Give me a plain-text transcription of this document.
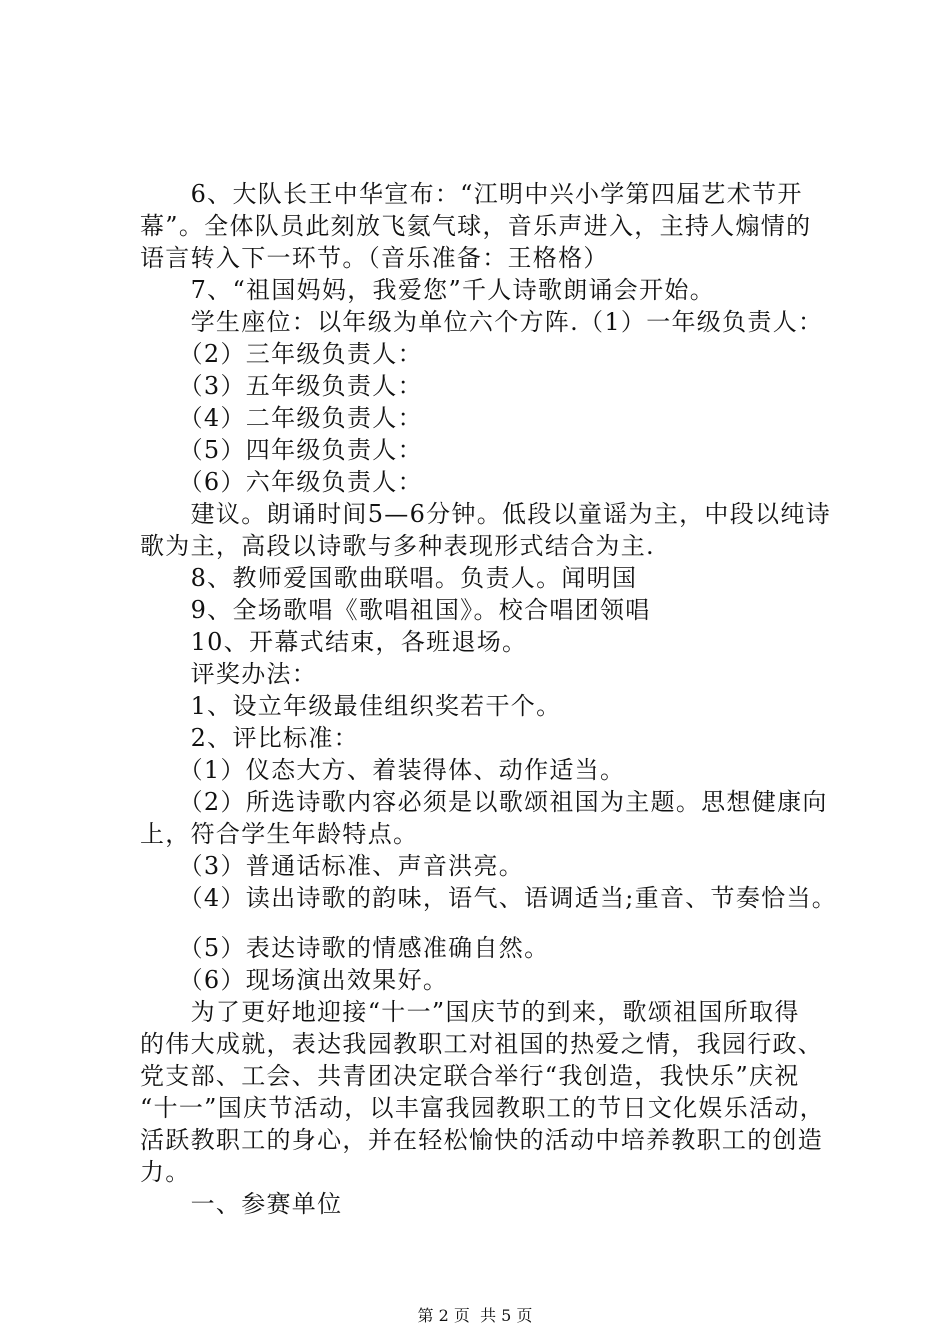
　　6、大队长王中华宣布：“江明中兴小学第四届艺术节开
幕”。全体队员此刻放飞氦气球，音乐声进入，主持人煽情的
语言转入下一环节。（音乐准备：王格格）
　　7、“祖国妈妈，我爱您”千人诗歌朗诵会开始。
　　学生座位：以年级为单位六个方阵.（1）一年级负责人：
　　（2）三年级负责人：
　　（3）五年级负责人：
　　（4）二年级负责人：
　　（5）四年级负责人：
　　（6）六年级负责人：
　　建议。朗诵时间5—6分钟。低段以童谣为主，中段以纯诗
歌为主，高段以诗歌与多种表现形式结合为主.
　　8、教师爱国歌曲联唱。负责人。闻明国
　　9、全场歌唱《歌唱祖国》。校合唱团领唱
　　10、开幕式结束，各班退场。
　　评奖办法：
　　1、设立年级最佳组织奖若干个。
　　2、评比标准：
　　（1）仪态大方、着装得体、动作适当。
　　（2）所选诗歌内容必须是以歌颂祖国为主题。思想健康向
上，符合学生年龄特点。
　　（3）普通话标准、声音洪亮。
　　（4）读出诗歌的韵味，语气、语调适当;重音、节奏恰当。
　　（5）表达诗歌的情感准确自然。
　　（6）现场演出效果好。
　　为了更好地迎接“十一”国庆节的到来，歌颂祖国所取得
的伟大成就，表达我园教职工对祖国的热爱之情，我园行政、
党支部、工会、共青团决定联合举行“我创造，我快乐”庆祝
“十一”国庆节活动，以丰富我园教职工的节日文化娱乐活动，
活跃教职工的身心，并在轻松愉快的活动中培养教职工的创造
力。
　　一、参赛单位
第 2 页  共 5 页
